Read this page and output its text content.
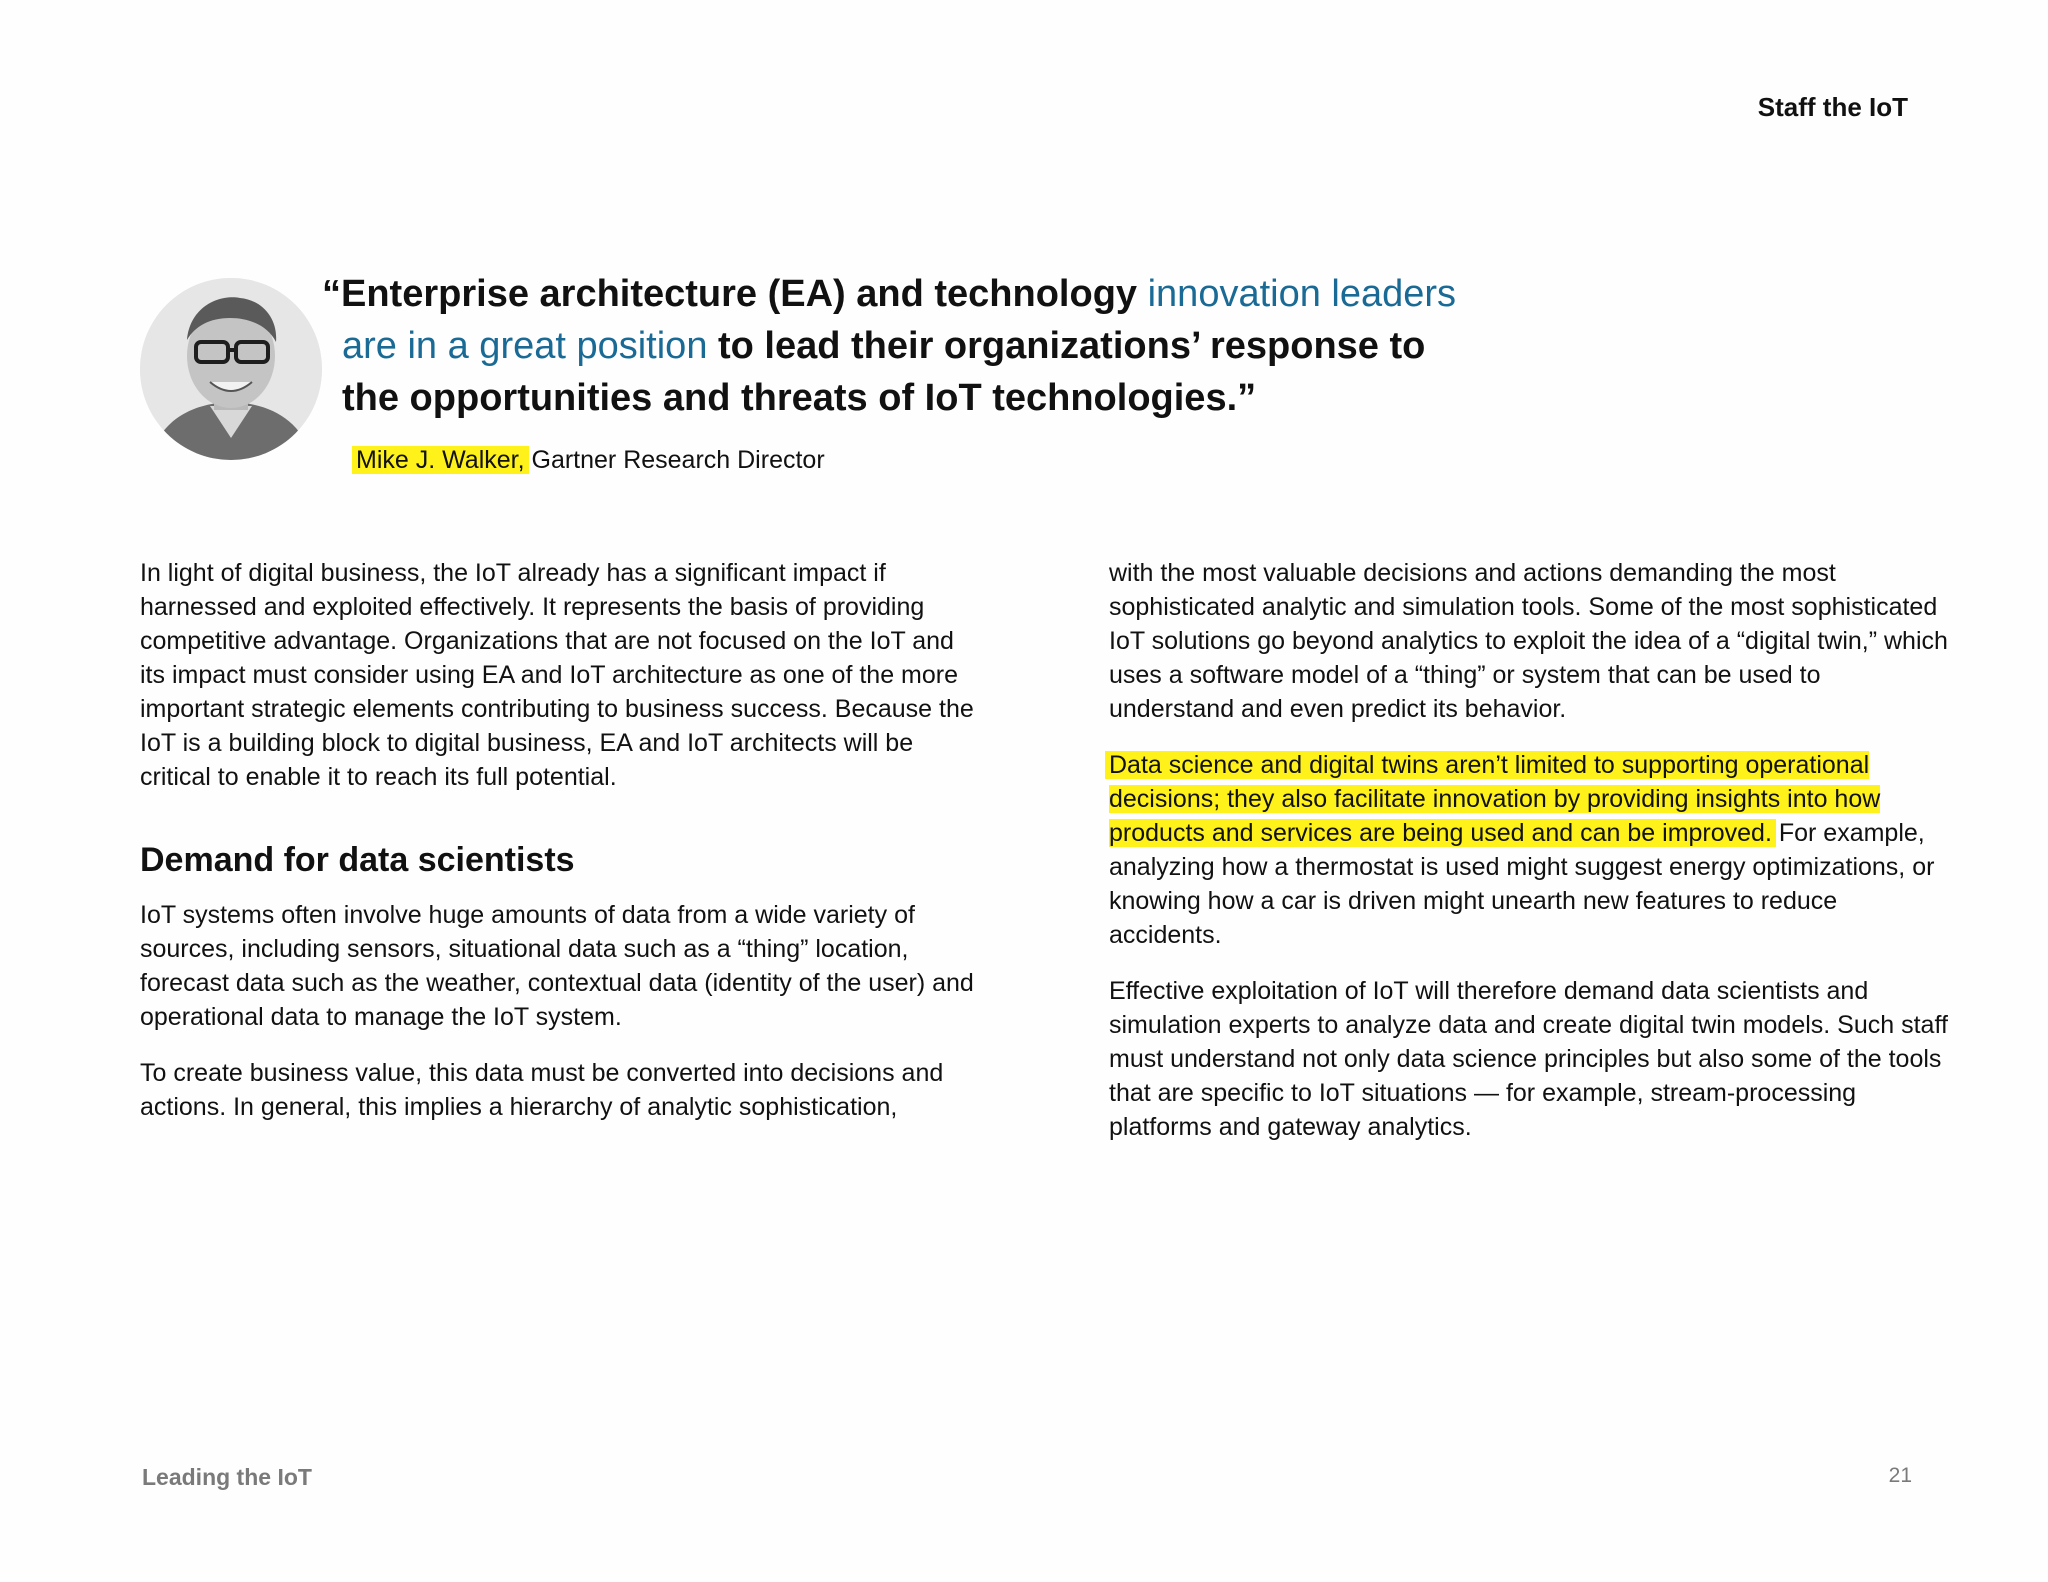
Staff the IoT
“Enterprise architecture (EA) and technology innovation leaders
are in a great position to lead their organizations’ response to
the opportunities and threats of IoT technologies.”
Mike J. Walker, Gartner Research Director

In light of digital business, the IoT already has a significant impact if harnessed and exploited effectively. It represents the basis of providing competitive advantage. Organizations that are not focused on the IoT and its impact must consider using EA and IoT architecture as one of the more important strategic elements contributing to business success. Because the IoT is a building block to digital business, EA and IoT architects will be critical to enable it to reach its full potential.

Demand for data scientists

IoT systems often involve huge amounts of data from a wide variety of sources, including sensors, situational data such as a “thing” location, forecast data such as the weather, contextual data (identity of the user) and operational data to manage the IoT system.

To create business value, this data must be converted into decisions and actions. In general, this implies a hierarchy of analytic sophistication,

with the most valuable decisions and actions demanding the most sophisticated analytic and simulation tools. Some of the most sophisticated IoT solutions go beyond analytics to exploit the idea of a “digital twin,” which uses a software model of a “thing” or system that can be used to understand and even predict its behavior.

Data science and digital twins aren’t limited to supporting operational decisions; they also facilitate innovation by providing insights into how products and services are being used and can be improved. For example, analyzing how a thermostat is used might suggest energy optimizations, or knowing how a car is driven might unearth new features to reduce accidents.

Effective exploitation of IoT will therefore demand data scientists and simulation experts to analyze data and create digital twin models. Such staff must understand not only data science principles but also some of the tools that are specific to IoT situations — for example, stream-processing platforms and gateway analytics.

Leading the IoT	21
